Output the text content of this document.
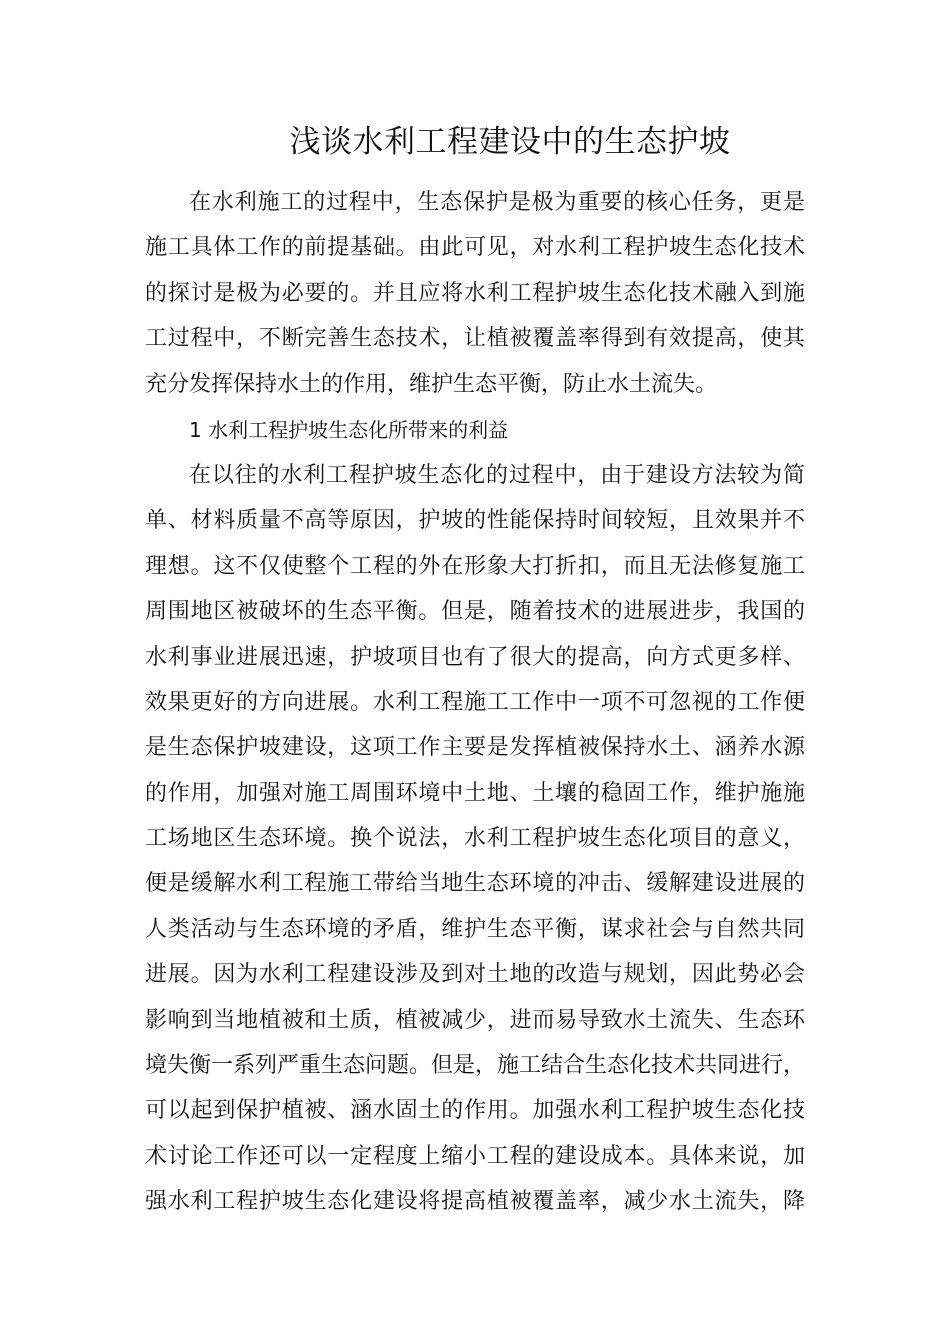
浅谈水利工程建设中的生态护坡
在水利施工的过程中，生态保护是极为重要的核心任务，更是
施工具体工作的前提基础。由此可见，对水利工程护坡生态化技术
的探讨是极为必要的。并且应将水利工程护坡生态化技术融入到施
工过程中，不断完善生态技术，让植被覆盖率得到有效提高，使其
充分发挥保持水土的作用，维护生态平衡，防止水土流失。
1 水利工程护坡生态化所带来的利益
在以往的水利工程护坡生态化的过程中，由于建设方法较为简
单、材料质量不高等原因，护坡的性能保持时间较短，且效果并不
理想。这不仅使整个工程的外在形象大打折扣，而且无法修复施工
周围地区被破坏的生态平衡。但是，随着技术的进展进步，我国的
水利事业进展迅速，护坡项目也有了很大的提高，向方式更多样、
效果更好的方向进展。水利工程施工工作中一项不可忽视的工作便
是生态保护坡建设，这项工作主要是发挥植被保持水土、涵养水源
的作用，加强对施工周围环境中土地、土壤的稳固工作，维护施施
工场地区生态环境。换个说法，水利工程护坡生态化项目的意义，
便是缓解水利工程施工带给当地生态环境的冲击、缓解建设进展的
人类活动与生态环境的矛盾，维护生态平衡，谋求社会与自然共同
进展。因为水利工程建设涉及到对土地的改造与规划，因此势必会
影响到当地植被和土质，植被减少，进而易导致水土流失、生态环
境失衡一系列严重生态问题。但是，施工结合生态化技术共同进行，
可以起到保护植被、涵水固土的作用。加强水利工程护坡生态化技
术讨论工作还可以一定程度上缩小工程的建设成本。具体来说，加
强水利工程护坡生态化建设将提高植被覆盖率，减少水土流失，降
